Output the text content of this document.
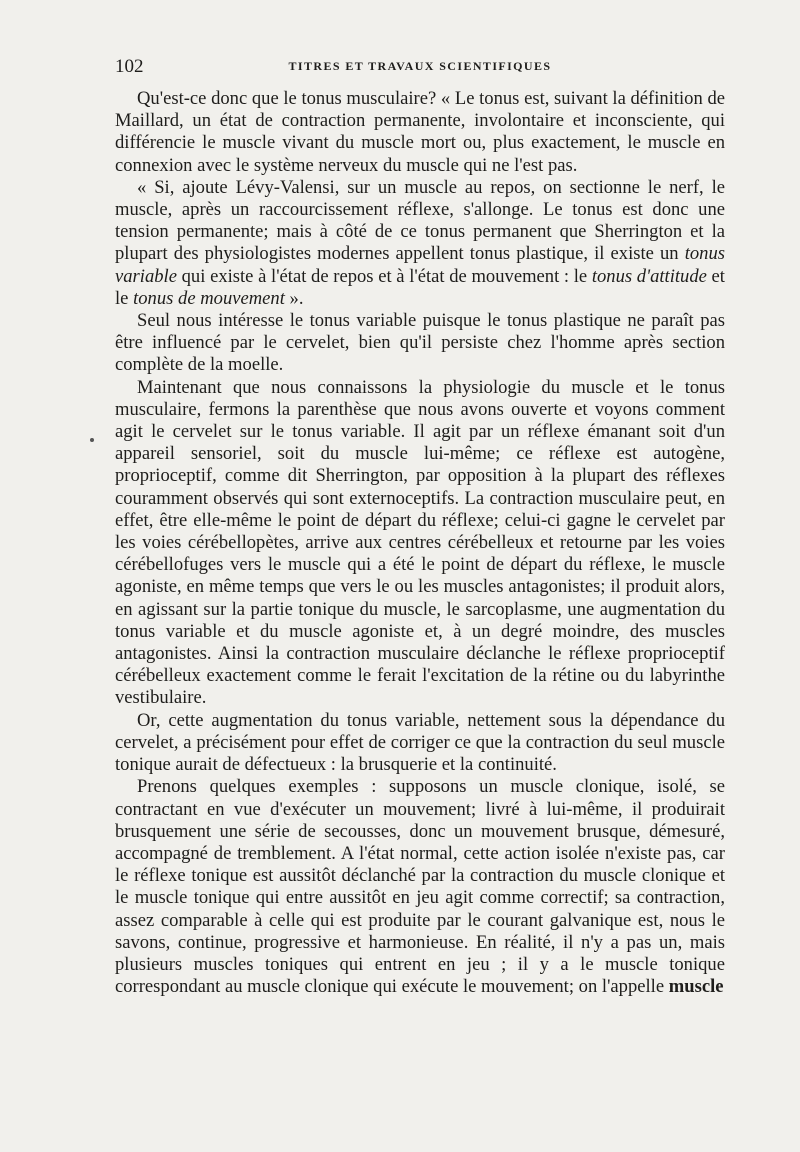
102	TITRES ET TRAVAUX SCIENTIFIQUES

Qu'est-ce donc que le tonus musculaire? « Le tonus est, suivant la définition de Maillard, un état de contraction permanente, involontaire et inconsciente, qui différencie le muscle vivant du muscle mort ou, plus exactement, le muscle en connexion avec le système nerveux du muscle qui ne l'est pas.

« Si, ajoute Lévy-Valensi, sur un muscle au repos, on sectionne le nerf, le muscle, après un raccourcissement réflexe, s'allonge. Le tonus est donc une tension permanente; mais à côté de ce tonus permanent que Sherrington et la plupart des physiologistes modernes appellent tonus plastique, il existe un tonus variable qui existe à l'état de repos et à l'état de mouvement : le tonus d'attitude et le tonus de mouvement ».

Seul nous intéresse le tonus variable puisque le tonus plastique ne paraît pas être influencé par le cervelet, bien qu'il persiste chez l'homme après section complète de la moelle.

Maintenant que nous connaissons la physiologie du muscle et le tonus musculaire, fermons la parenthèse que nous avons ouverte et voyons comment agit le cervelet sur le tonus variable. Il agit par un réflexe émanant soit d'un appareil sensoriel, soit du muscle lui-même; ce réflexe est autogène, proprioceptif, comme dit Sherrington, par opposition à la plupart des réflexes couramment observés qui sont externoceptifs. La contraction musculaire peut, en effet, être elle-même le point de départ du réflexe; celui-ci gagne le cervelet par les voies cérébellopètes, arrive aux centres cérébelleux et retourne par les voies cérébellofuges vers le muscle qui a été le point de départ du réflexe, le muscle agoniste, en même temps que vers le ou les muscles antagonistes; il produit alors, en agissant sur la partie tonique du muscle, le sarcoplasme, une augmentation du tonus variable et du muscle agoniste et, à un degré moindre, des muscles antagonistes. Ainsi la contraction musculaire déclanche le réflexe proprioceptif cérébelleux exactement comme le ferait l'excitation de la rétine ou du labyrinthe vestibulaire.

Or, cette augmentation du tonus variable, nettement sous la dépendance du cervelet, a précisément pour effet de corriger ce que la contraction du seul muscle tonique aurait de défectueux : la brusquerie et la continuité.

Prenons quelques exemples : supposons un muscle clonique, isolé, se contractant en vue d'exécuter un mouvement; livré à lui-même, il produirait brusquement une série de secousses, donc un mouvement brusque, démesuré, accompagné de tremblement. A l'état normal, cette action isolée n'existe pas, car le réflexe tonique est aussitôt déclanché par la contraction du muscle clonique et le muscle tonique qui entre aussitôt en jeu agit comme correctif; sa contraction, assez comparable à celle qui est produite par le courant galvanique est, nous le savons, continue, progressive et harmonieuse. En réalité, il n'y a pas un, mais plusieurs muscles toniques qui entrent en jeu ; il y a le muscle tonique correspondant au muscle clonique qui exécute le mouvement; on l'appelle muscle
